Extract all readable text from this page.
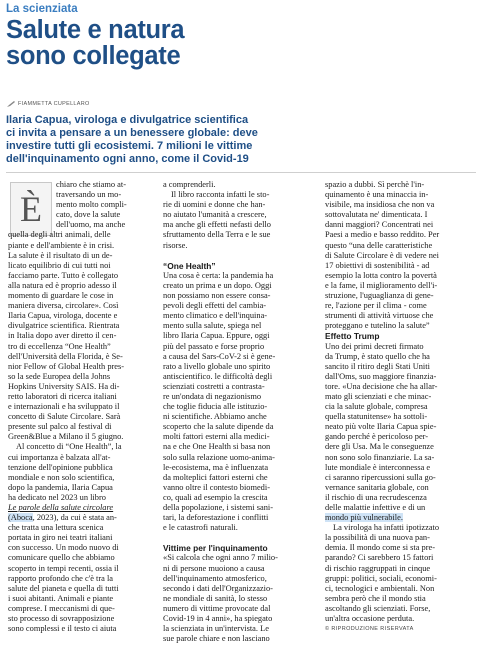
La scienziata
Salute e natura
sono collegate
FIAMMETTA CUPELLARO
Ilaria Capua, virologa e divulgatrice scientifica
ci invita a pensare a un benessere globale: deve
investire tutti gli ecosistemi. 7 milioni le vittime
dell'inquinamento ogni anno, come il Covid-19
È
chiaro che stiamo at-
traversando un mo-
mento molto compli-
cato, dove la salute
dell'uomo, ma anche
quella degli altri animali, delle
piante e dell'ambiente è in crisi.
La salute è il risultato di un de-
licato equilibrio di cui tutti noi
facciamo parte. Tutto è collegato
alla natura ed è proprio adesso il
momento di guardare le cose in
maniera diversa, circolare». Così
Ilaria Capua, virologa, docente e
divulgatrice scientifica. Rientrata
in Italia dopo aver diretto il cen-
tro di eccellenza “One Health”
dell'Università della Florida, è Se-
nior Fellow of Global Health pres-
so la sede Europea della Johns
Hopkins University SAIS. Ha di-
retto laboratori di ricerca italiani
e internazionali e ha sviluppato il
concetto di Salute Circolare. Sarà
presente sul palco al festival di
Green&Blue a Milano il 5 giugno.
Al concetto di “One Health”, la
cui importanza è balzata all'at-
tenzione dell'opinione pubblica
mondiale e non solo scientifica,
dopo la pandemia, Ilaria Capua
ha dedicato nel 2023 un libro
Le parole della salute circolare
(Aboca, 2023), da cui è stata an-
che tratta una lettura scenica
portata in giro nei teatri italiani
con successo. Un modo nuovo di
comunicare quello che abbiamo
scoperto in tempi recenti, ossia il
rapporto profondo che c'è tra la
salute del pianeta e quella di tutti
i suoi abitanti. Animali e piante
comprese. I meccanismi di que-
sto processo di sovrapposizione
sono complessi e il testo ci aiuta
a comprenderli.
Il libro racconta infatti le sto-
rie di uomini e donne che han-
no aiutato l'umanità a crescere,
ma anche gli effetti nefasti dello
sfruttamento della Terra e le sue
risorse.
“One Health”
Una cosa è certa: la pandemia ha
creato un prima e un dopo. Oggi
non possiamo non essere consa-
pevoli degli effetti del cambia-
mento climatico e dell'inquina-
mento sulla salute, spiega nel
libro Ilaria Capua. Eppure, oggi
più del passato e forse proprio
a causa del Sars-CoV-2 si è gene-
rato a livello globale uno spirito
antiscientifico. le difficoltà degli
scienziati costretti a contrasta-
re un'ondata di negazionismo
che toglie fiducia alle istituzio-
ni scientifiche. Abbiamo anche
scoperto che la salute dipende da
molti fattori esterni alla medici-
na e che One Health si basa non
solo sulla relazione uomo-anima-
le-ecosistema, ma è influenzata
da molteplici fattori esterni che
vanno oltre il contesto biomedi-
co, quali ad esempio la crescita
della popolazione, i sistemi sani-
tari, la deforestazione i conflitti
e le catastrofi naturali.
Vittime per l'inquinamento
«Si calcola che ogni anno 7 milio-
ni di persone muoiono a causa
dell'inquinamento atmosferico,
secondo i dati dell'Organizzazio-
ne mondiale di sanità, lo stesso
numero di vittime provocate dal
Covid-19 in 4 anni», ha spiegato
la scienziata in un'intervista. Le
sue parole chiare e non lasciano
spazio a dubbi. Sì perchè l'in-
quinamento è una minaccia in-
visibile, ma insidiosa che non va
sottovalutata ne' dimenticata. I
danni maggiori? Concentrati nei
Paesi a medio e basso reddito. Per
questo “una delle caratteristiche
di Salute Circolare è di vedere nei
17 obiettivi di sostenibilità - ad
esempio la lotta contro la povertà
e la fame, il miglioramento dell'i-
struzione, l'uguaglianza di gene-
re, l'azione per il clima - come
strumenti di attività virtuose che
proteggano e tutelino la salute”
Effetto Trump
Uno dei primi decreti firmato
da Trump, è stato quello che ha
sancito il ritiro degli Stati Uniti
dall'Oms, suo maggiore finanzia-
tore. «Una decisione che ha allar-
mato gli scienziati e che minac-
cia la salute globale, compresa
quella statunitense» ha sottoli-
neato più volte Ilaria Capua spie-
gando perché è pericoloso per-
dere gli Usa. Ma le conseguenze
non sono solo finanziarie. La sa-
lute mondiale è interconnessa e
ci saranno ripercussioni sulla go-
vernance sanitaria globale, con
il rischio di una recrudescenza
delle malattie infettive e di un
mondo più vulnerabile.
La virologa ha infatti ipotizzato
la possibilità di una nuova pan-
demia. Il mondo come si sta pre-
parando? Ci sarebbero 15 fattori
di rischio raggruppati in cinque
gruppi: politici, sociali, economi-
ci, tecnologici e ambientali. Non
sembra però che il mondo stia
ascoltando gli scienziati. Forse,
un'altra occasione perduta.
© RIPRODUZIONE RISERVATA
